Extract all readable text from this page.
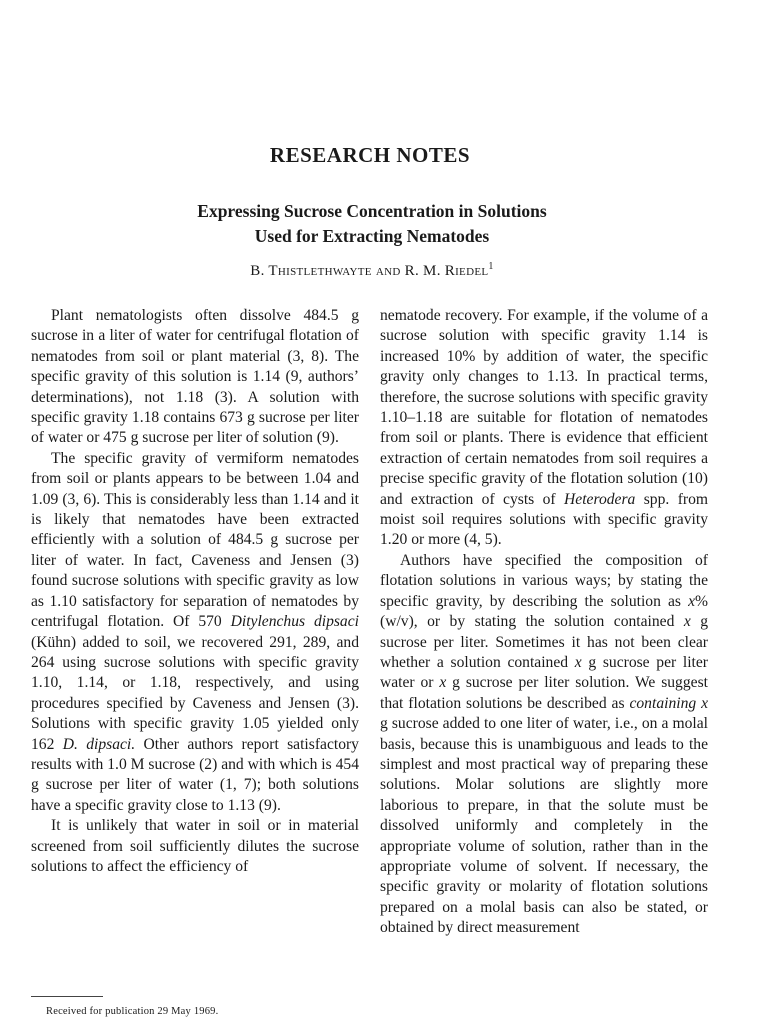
RESEARCH NOTES
Expressing Sucrose Concentration in Solutions
Used for Extracting Nematodes
B. Thistlethwayte and R. M. Riedel$^1$

Plant nematologists often dissolve 484.5 g sucrose in a liter of water for centrifugal flotation of nematodes from soil or plant material (3, 8). The specific gravity of this solution is 1.14 (9, authors’ determinations), not 1.18 (3). A solution with specific gravity 1.18 contains 673 g sucrose per liter of water or 475 g sucrose per liter of solution (9).

The specific gravity of vermiform nematodes from soil or plants appears to be between 1.04 and 1.09 (3, 6). This is considerably less than 1.14 and it is likely that nematodes have been extracted efficiently with a solution of 484.5 g sucrose per liter of water. In fact, Caveness and Jensen (3) found sucrose solutions with specific gravity as low as 1.10 satisfactory for separation of nematodes by centrifugal flotation. Of 570 Ditylenchus dipsaci (Kühn) added to soil, we recovered 291, 289, and 264 using sucrose solutions with specific gravity 1.10, 1.14, or 1.18, respectively, and using procedures specified by Caveness and Jensen (3). Solutions with specific gravity 1.05 yielded only 162 D. dipsaci. Other authors report satisfactory results with 1.0 M sucrose (2) and with which is 454 g sucrose per liter of water (1, 7); both solutions have a specific gravity close to 1.13 (9).

It is unlikely that water in soil or in material screened from soil sufficiently dilutes the sucrose solutions to affect the efficiency of

nematode recovery. For example, if the volume of a sucrose solution with specific gravity 1.14 is increased 10% by addition of water, the specific gravity only changes to 1.13. In practical terms, therefore, the sucrose solutions with specific gravity 1.10–1.18 are suitable for flotation of nematodes from soil or plants. There is evidence that efficient extraction of certain nematodes from soil requires a precise specific gravity of the flotation solution (10) and extraction of cysts of Heterodera spp. from moist soil requires solutions with specific gravity 1.20 or more (4, 5).

Authors have specified the composition of flotation solutions in various ways; by stating the specific gravity, by describing the solution as x% (w/v), or by stating the solution contained x g sucrose per liter. Sometimes it has not been clear whether a solution contained x g sucrose per liter water or x g sucrose per liter solution. We suggest that flotation solutions be described as containing x g sucrose added to one liter of water, i.e., on a molal basis, because this is unambiguous and leads to the simplest and most practical way of preparing these solutions. Molar solutions are slightly more laborious to prepare, in that the solute must be dissolved uniformly and completely in the appropriate volume of solution, rather than in the appropriate volume of solvent. If necessary, the specific gravity or molarity of flotation solutions prepared on a molal basis can also be stated, or obtained by direct measurement

Received for publication 29 May 1969.
